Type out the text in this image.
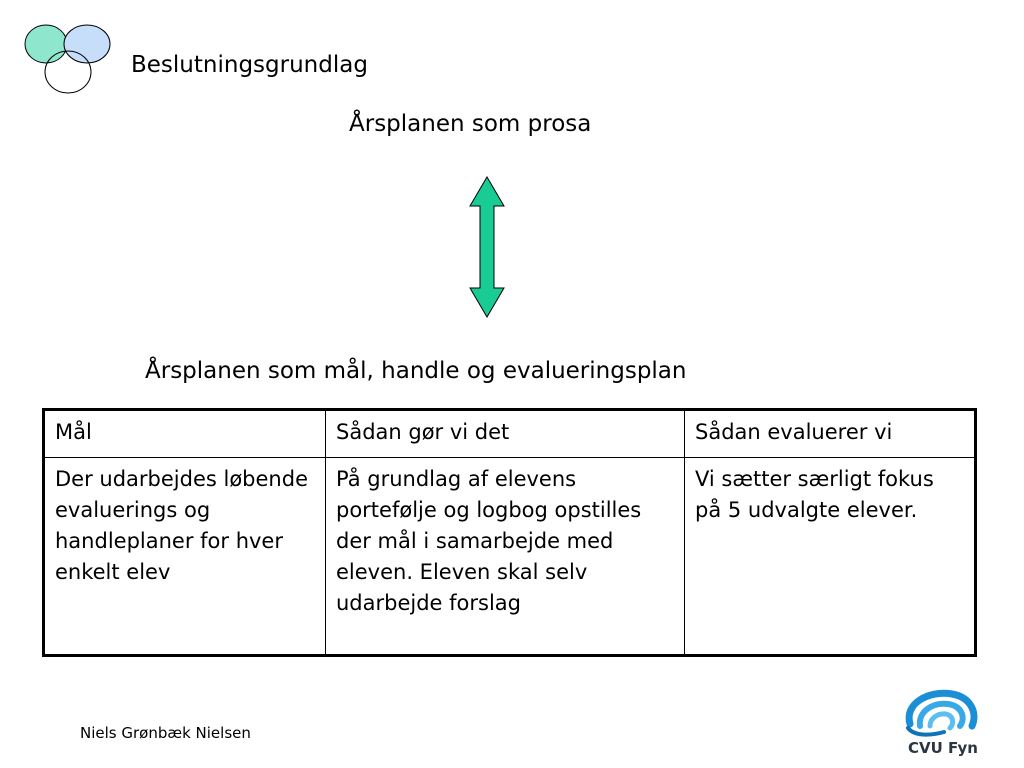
Beslutningsgrundlag
Årsplanen som prosa
Årsplanen som mål, handle og evalueringsplan
Mål	Sådan gør vi det	Sådan evaluerer vi
Der udarbejdes løbende evaluerings og handleplaner for hver enkelt elev	På grundlag af elevens portefølje og logbog opstilles der mål i samarbejde med eleven. Eleven skal selv udarbejde forslag	Vi sætter særligt fokus på 5 udvalgte elever.
Niels Grønbæk Nielsen
CVU Fyn
